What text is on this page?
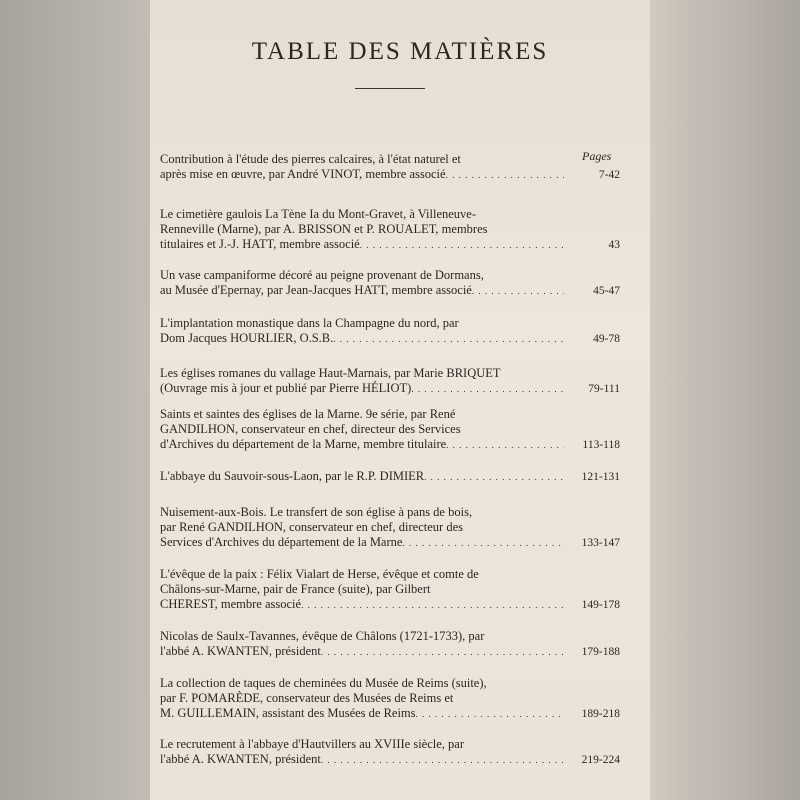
TABLE DES MATIÈRES
Pages
Contribution à l'étude des pierres calcaires, à l'état naturel et
après mise en œuvre, par André VINOT, membre associé . . .	7-42
Le cimetière gaulois La Tène Ia du Mont-Gravet, à Villeneuve-
Renneville (Marne), par A. BRISSON et P. ROUALET, membres
titulaires et J.-J. HATT, membre associé . . .	43
Un vase campaniforme décoré au peigne provenant de Dormans,
au Musée d'Epernay, par Jean-Jacques HATT, membre associé . . .	45-47
L'implantation monastique dans la Champagne du nord, par
Dom Jacques HOURLIER, O.S.B. . . .	49-78
Les églises romanes du vallage Haut-Marnais, par Marie BRIQUET
(Ouvrage mis à jour et publié par Pierre HÉLIOT) . . .	79-111
Saints et saintes des églises de la Marne. 9e série, par René
GANDILHON, conservateur en chef, directeur des Services
d'Archives du département de la Marne, membre titulaire . . .	113-118
L'abbaye du Sauvoir-sous-Laon, par le R.P. DIMIER . . .	121-131
Nuisement-aux-Bois. Le transfert de son église à pans de bois,
par René GANDILHON, conservateur en chef, directeur des
Services d'Archives du département de la Marne . . .	133-147
L'évêque de la paix : Félix Vialart de Herse, évêque et comte de
Châlons-sur-Marne, pair de France (suite), par Gilbert
CHEREST, membre associé . . .	149-178
Nicolas de Saulx-Tavannes, évêque de Châlons (1721-1733), par
l'abbé A. KWANTEN, président . . .	179-188
La collection de taques de cheminées du Musée de Reims (suite),
par F. POMARÈDE, conservateur des Musées de Reims et
M. GUILLEMAIN, assistant des Musées de Reims . . .	189-218
Le recrutement à l'abbaye d'Hautvillers au XVIIIe siècle, par
l'abbé A. KWANTEN, président . . .	219-224
